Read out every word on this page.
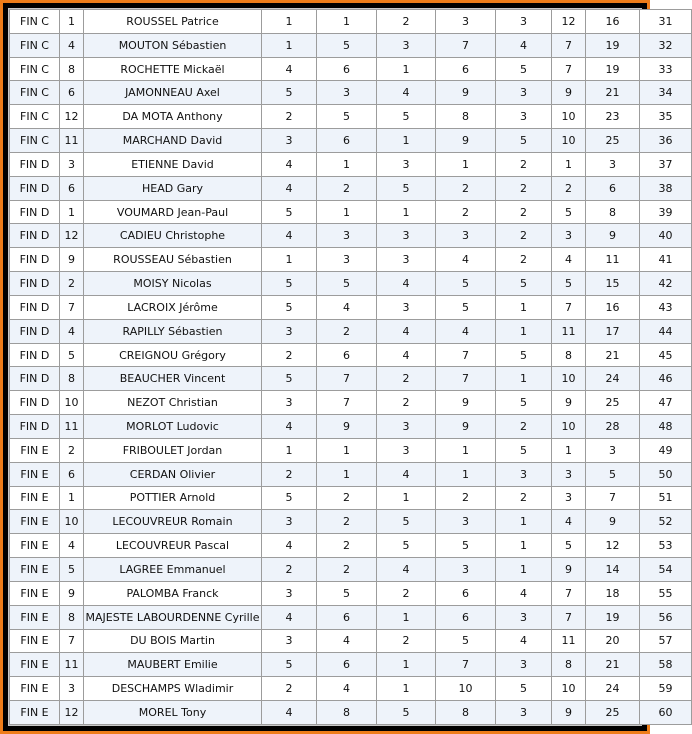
FIN C	1	ROUSSEL Patrice	1	1	2	3	3	12	16	31
FIN C	4	MOUTON Sébastien	1	5	3	7	4	7	19	32
FIN C	8	ROCHETTE Mickaël	4	6	1	6	5	7	19	33
FIN C	6	JAMONNEAU Axel	5	3	4	9	3	9	21	34
FIN C	12	DA MOTA Anthony	2	5	5	8	3	10	23	35
FIN C	11	MARCHAND David	3	6	1	9	5	10	25	36
FIN D	3	ETIENNE David	4	1	3	1	2	1	3	37
FIN D	6	HEAD Gary	4	2	5	2	2	2	6	38
FIN D	1	VOUMARD Jean-Paul	5	1	1	2	2	5	8	39
FIN D	12	CADIEU Christophe	4	3	3	3	2	3	9	40
FIN D	9	ROUSSEAU Sébastien	1	3	3	4	2	4	11	41
FIN D	2	MOISY Nicolas	5	5	4	5	5	5	15	42
FIN D	7	LACROIX Jérôme	5	4	3	5	1	7	16	43
FIN D	4	RAPILLY Sébastien	3	2	4	4	1	11	17	44
FIN D	5	CREIGNOU Grégory	2	6	4	7	5	8	21	45
FIN D	8	BEAUCHER Vincent	5	7	2	7	1	10	24	46
FIN D	10	NEZOT Christian	3	7	2	9	5	9	25	47
FIN D	11	MORLOT Ludovic	4	9	3	9	2	10	28	48
FIN E	2	FRIBOULET Jordan	1	1	3	1	5	1	3	49
FIN E	6	CERDAN Olivier	2	1	4	1	3	3	5	50
FIN E	1	POTTIER Arnold	5	2	1	2	2	3	7	51
FIN E	10	LECOUVREUR Romain	3	2	5	3	1	4	9	52
FIN E	4	LECOUVREUR Pascal	4	2	5	5	1	5	12	53
FIN E	5	LAGREE Emmanuel	2	2	4	3	1	9	14	54
FIN E	9	PALOMBA Franck	3	5	2	6	4	7	18	55
FIN E	8	MAJESTE LABOURDENNE Cyrille	4	6	1	6	3	7	19	56
FIN E	7	DU BOIS Martin	3	4	2	5	4	11	20	57
FIN E	11	MAUBERT Emilie	5	6	1	7	3	8	21	58
FIN E	3	DESCHAMPS Wladimir	2	4	1	10	5	10	24	59
FIN E	12	MOREL Tony	4	8	5	8	3	9	25	60
